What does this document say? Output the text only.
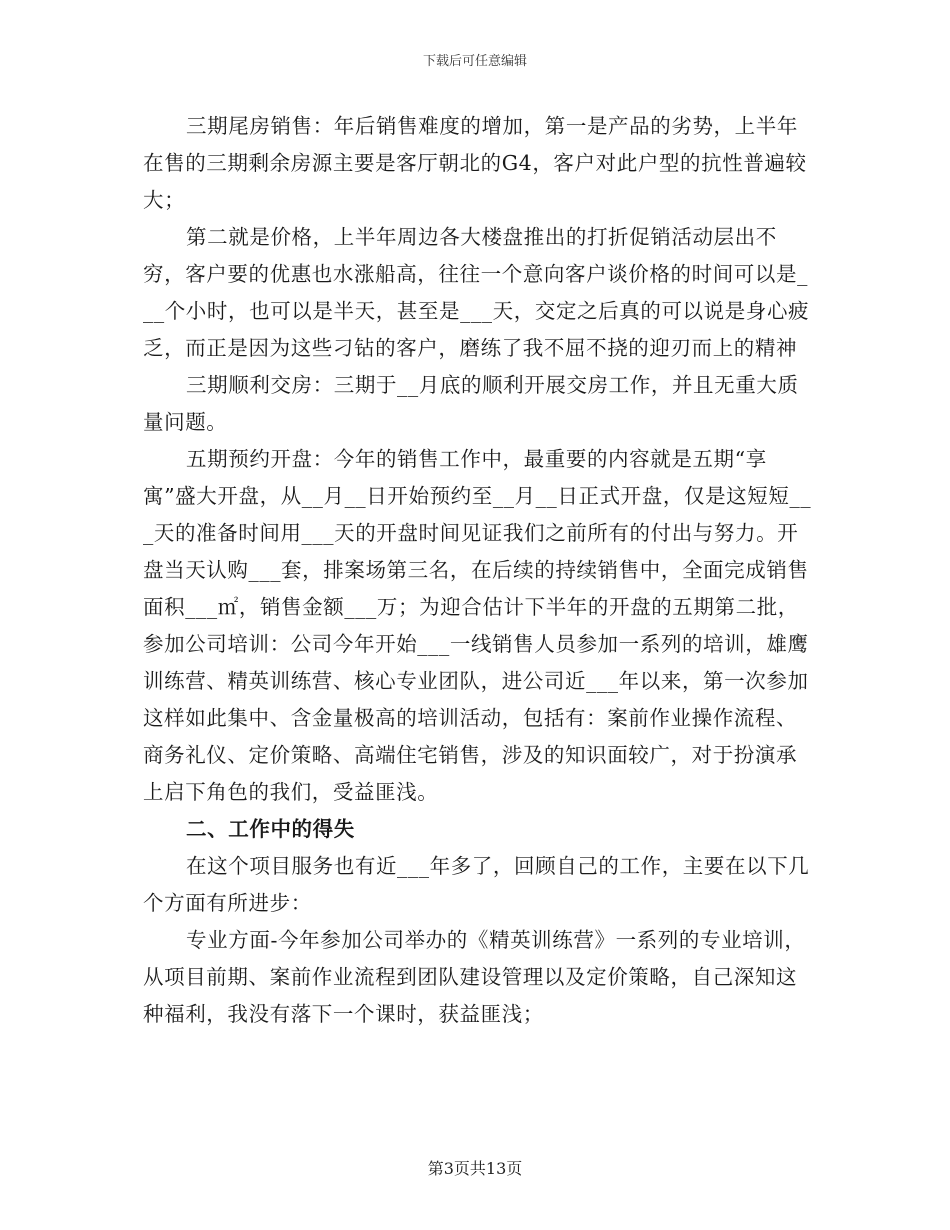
下载后可任意编辑

三期尾房销售：年后销售难度的增加，第一是产品的劣势，上半年在售的三期剩余房源主要是客厅朝北的G4，客户对此户型的抗性普遍较大；

第二就是价格，上半年周边各大楼盘推出的打折促销活动层出不穷，客户要的优惠也水涨船高，往往一个意向客户谈价格的时间可以是___个小时，也可以是半天，甚至是___天，交定之后真的可以说是身心疲乏，而正是因为这些刁钻的客户，磨练了我不屈不挠的迎刃而上的精神

三期顺利交房：三期于__月底的顺利开展交房工作，并且无重大质量问题。

五期预约开盘：今年的销售工作中，最重要的内容就是五期“享寓”盛大开盘，从__月__日开始预约至__月__日正式开盘，仅是这短短___天的准备时间用___天的开盘时间见证我们之前所有的付出与努力。开盘当天认购___套，排案场第三名，在后续的持续销售中，全面完成销售面积___㎡，销售金额___万；为迎合估计下半年的开盘的五期第二批，参加公司培训：公司今年开始___一线销售人员参加一系列的培训，雄鹰训练营、精英训练营、核心专业团队，进公司近___年以来，第一次参加这样如此集中、含金量极高的培训活动，包括有：案前作业操作流程、商务礼仪、定价策略、高端住宅销售，涉及的知识面较广，对于扮演承上启下角色的我们，受益匪浅。

二、工作中的得失

在这个项目服务也有近___年多了，回顾自己的工作，主要在以下几个方面有所进步：

专业方面-今年参加公司举办的《精英训练营》一系列的专业培训，从项目前期、案前作业流程到团队建设管理以及定价策略，自己深知这种福利，我没有落下一个课时，获益匪浅；

第3页共13页
